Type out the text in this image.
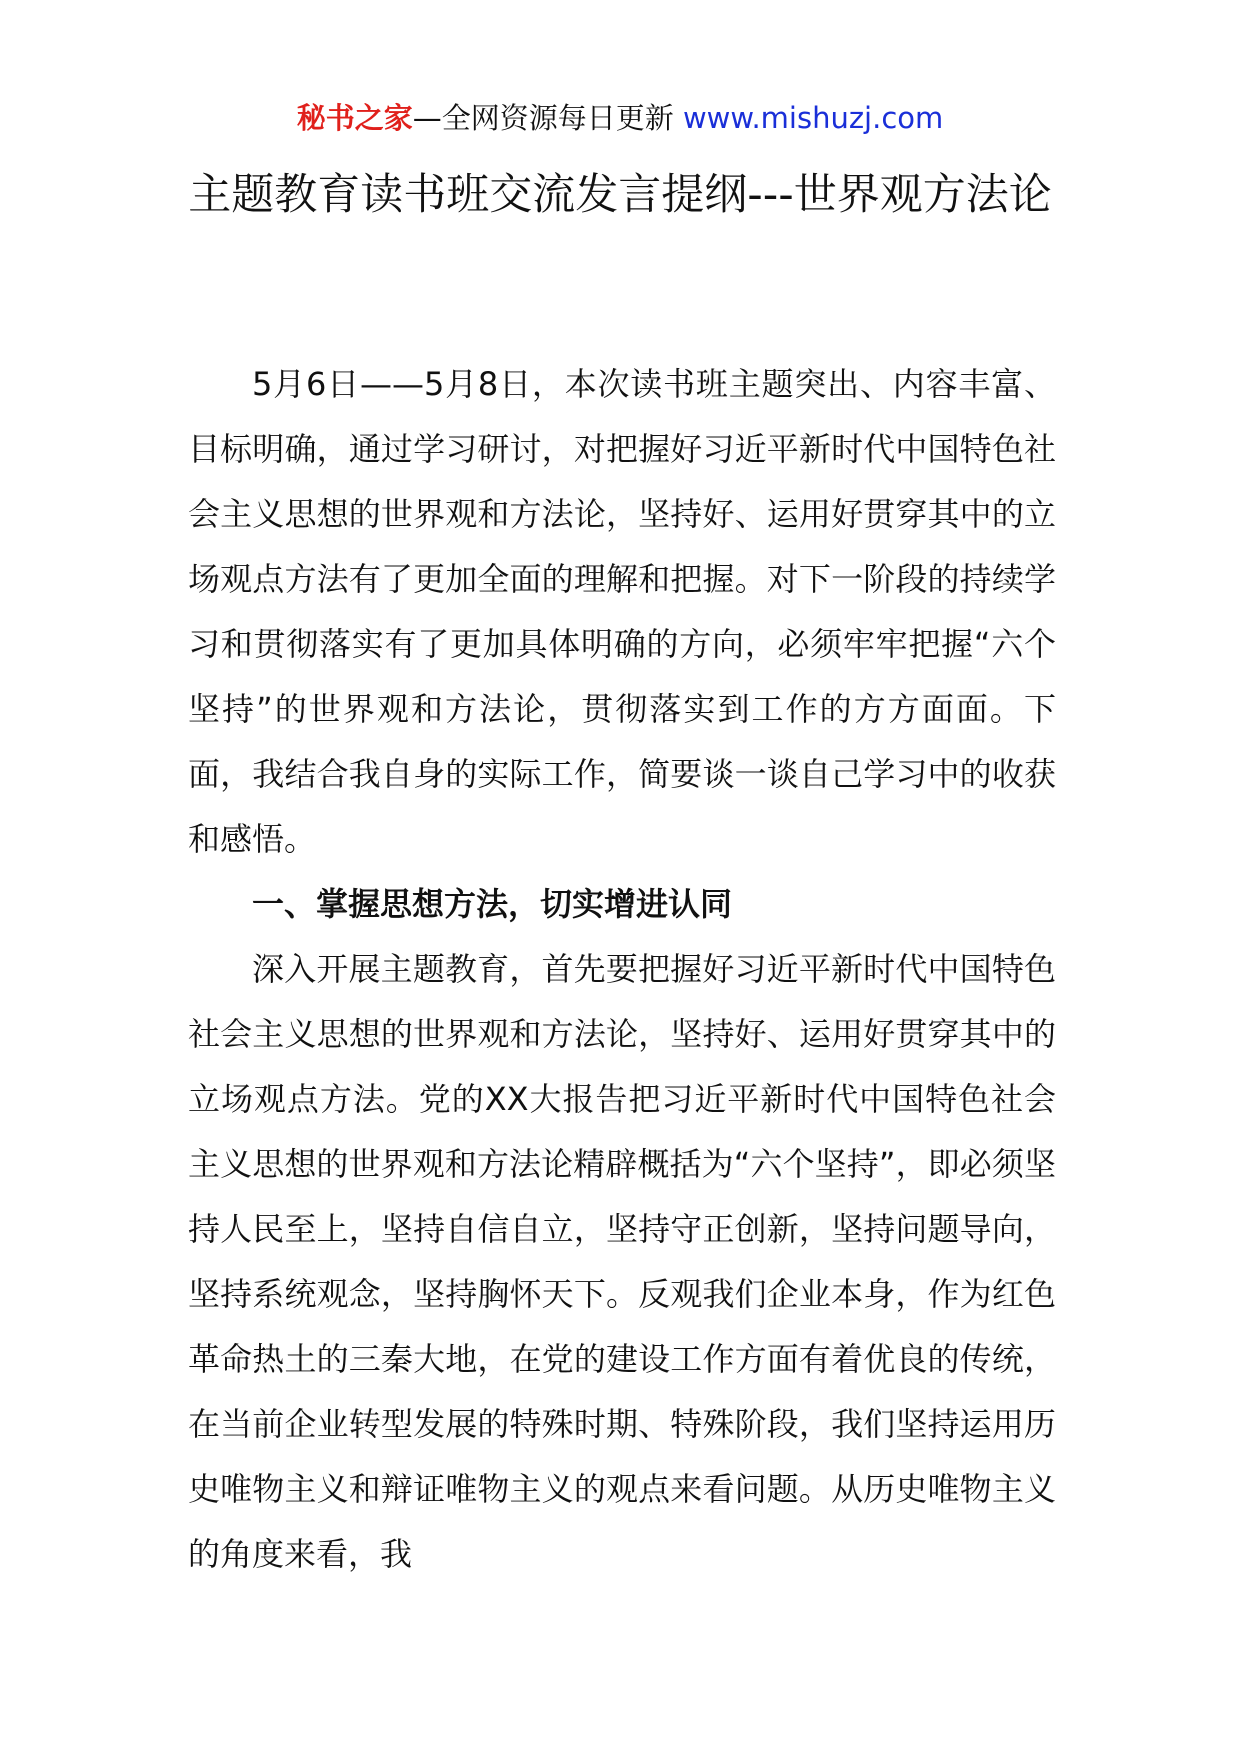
秘书之家—全网资源每日更新 www.mishuzj.com
主题教育读书班交流发言提纲---世界观方法论

5月6日——5月8日，本次读书班主题突出、内容丰富、目标明确，通过学习研讨，对把握好习近平新时代中国特色社会主义思想的世界观和方法论，坚持好、运用好贯穿其中的立场观点方法有了更加全面的理解和把握。对下一阶段的持续学习和贯彻落实有了更加具体明确的方向，必须牢牢把握“六个坚持”的世界观和方法论，贯彻落实到工作的方方面面。下面，我结合我自身的实际工作，简要谈一谈自己学习中的收获和感悟。

一、掌握思想方法，切实增进认同

深入开展主题教育，首先要把握好习近平新时代中国特色社会主义思想的世界观和方法论，坚持好、运用好贯穿其中的立场观点方法。党的XX大报告把习近平新时代中国特色社会主义思想的世界观和方法论精辟概括为“六个坚持”，即必须坚持人民至上，坚持自信自立，坚持守正创新，坚持问题导向，坚持系统观念，坚持胸怀天下。反观我们企业本身，作为红色革命热土的三秦大地，在党的建设工作方面有着优良的传统，在当前企业转型发展的特殊时期、特殊阶段，我们坚持运用历史唯物主义和辩证唯物主义的观点来看问题。从历史唯物主义的角度来看，我
